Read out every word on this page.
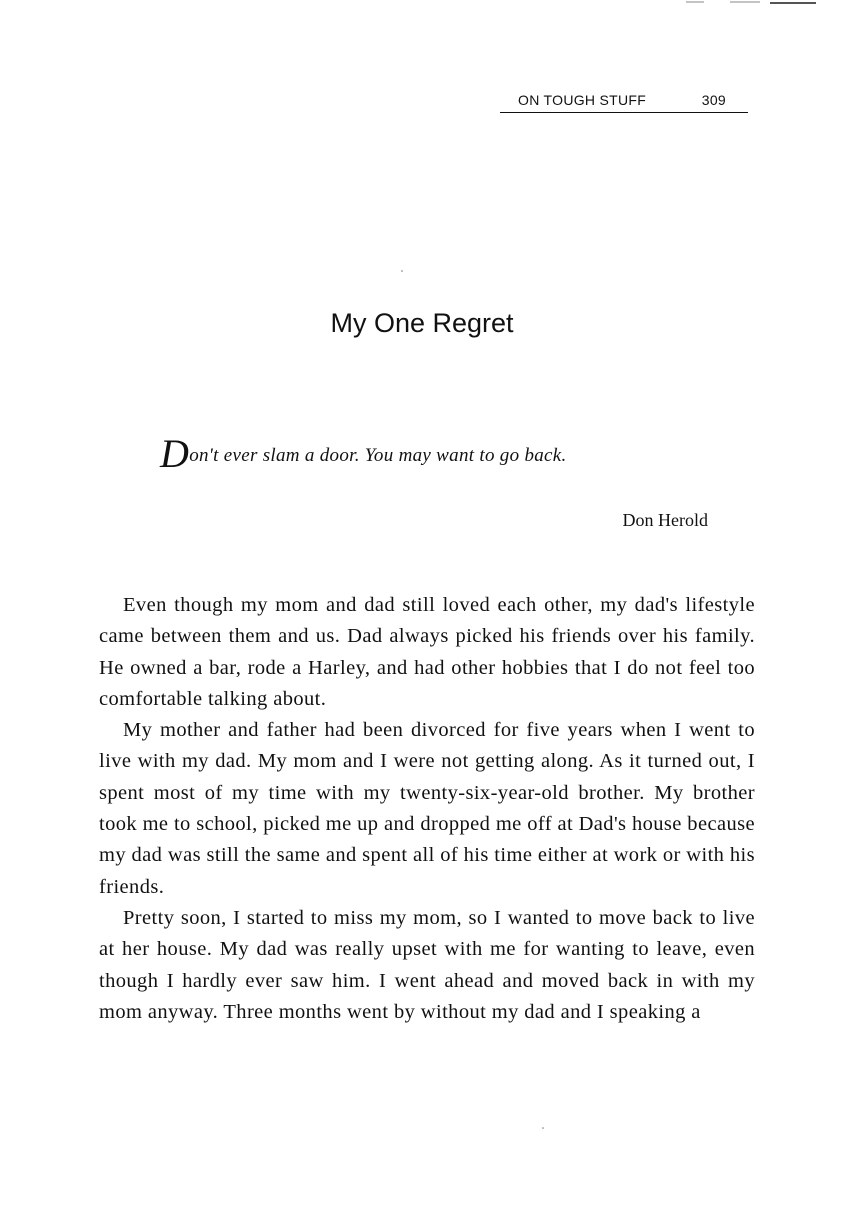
ON TOUGH STUFF	309
My One Regret
Don't ever slam a door. You may want to go back.
Don Herold

Even though my mom and dad still loved each other, my dad's lifestyle came between them and us. Dad always picked his friends over his family. He owned a bar, rode a Harley, and had other hobbies that I do not feel too comfortable talking about.

My mother and father had been divorced for five years when I went to live with my dad. My mom and I were not getting along. As it turned out, I spent most of my time with my twenty-six-year-old brother. My brother took me to school, picked me up and dropped me off at Dad's house because my dad was still the same and spent all of his time either at work or with his friends.

Pretty soon, I started to miss my mom, so I wanted to move back to live at her house. My dad was really upset with me for wanting to leave, even though I hardly ever saw him. I went ahead and moved back in with my mom anyway. Three months went by without my dad and I speaking a
